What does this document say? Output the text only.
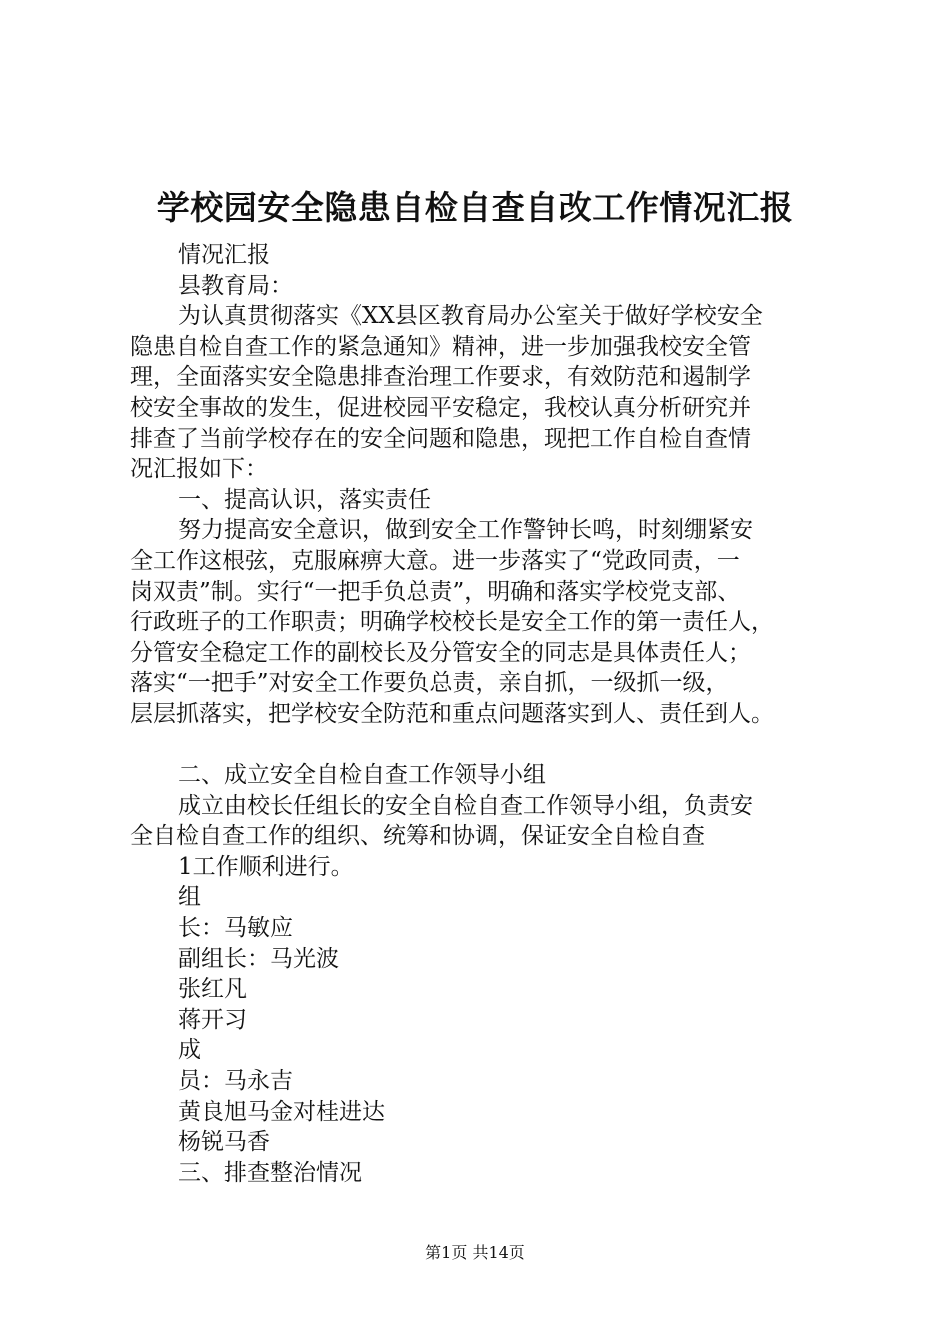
学校园安全隐患自检自查自改工作情况汇报
情况汇报
县教育局：
为认真贯彻落实《XX县区教育局办公室关于做好学校安全
隐患自检自查工作的紧急通知》精神，进一步加强我校安全管
理，全面落实安全隐患排查治理工作要求，有效防范和遏制学
校安全事故的发生，促进校园平安稳定，我校认真分析研究并
排查了当前学校存在的安全问题和隐患，现把工作自检自查情
况汇报如下：
一、提高认识，落实责任
努力提高安全意识，做到安全工作警钟长鸣，时刻绷紧安
全工作这根弦，克服麻痹大意。进一步落实了“党政同责，一
岗双责”制。实行“一把手负总责”，明确和落实学校党支部、
行政班子的工作职责；明确学校校长是安全工作的第一责任人，
分管安全稳定工作的副校长及分管安全的同志是具体责任人；
落实“一把手”对安全工作要负总责，亲自抓，一级抓一级，
层层抓落实，把学校安全防范和重点问题落实到人、责任到人。
二、成立安全自检自查工作领导小组
成立由校长任组长的安全自检自查工作领导小组，负责安
全自检自查工作的组织、统筹和协调，保证安全自检自查
1工作顺利进行。
组
长：马敏应
副组长：马光波
张红凡
蒋开习
成
员：马永吉
黄良旭马金对桂进达
杨锐马香
三、排查整治情况
第1页 共14页
